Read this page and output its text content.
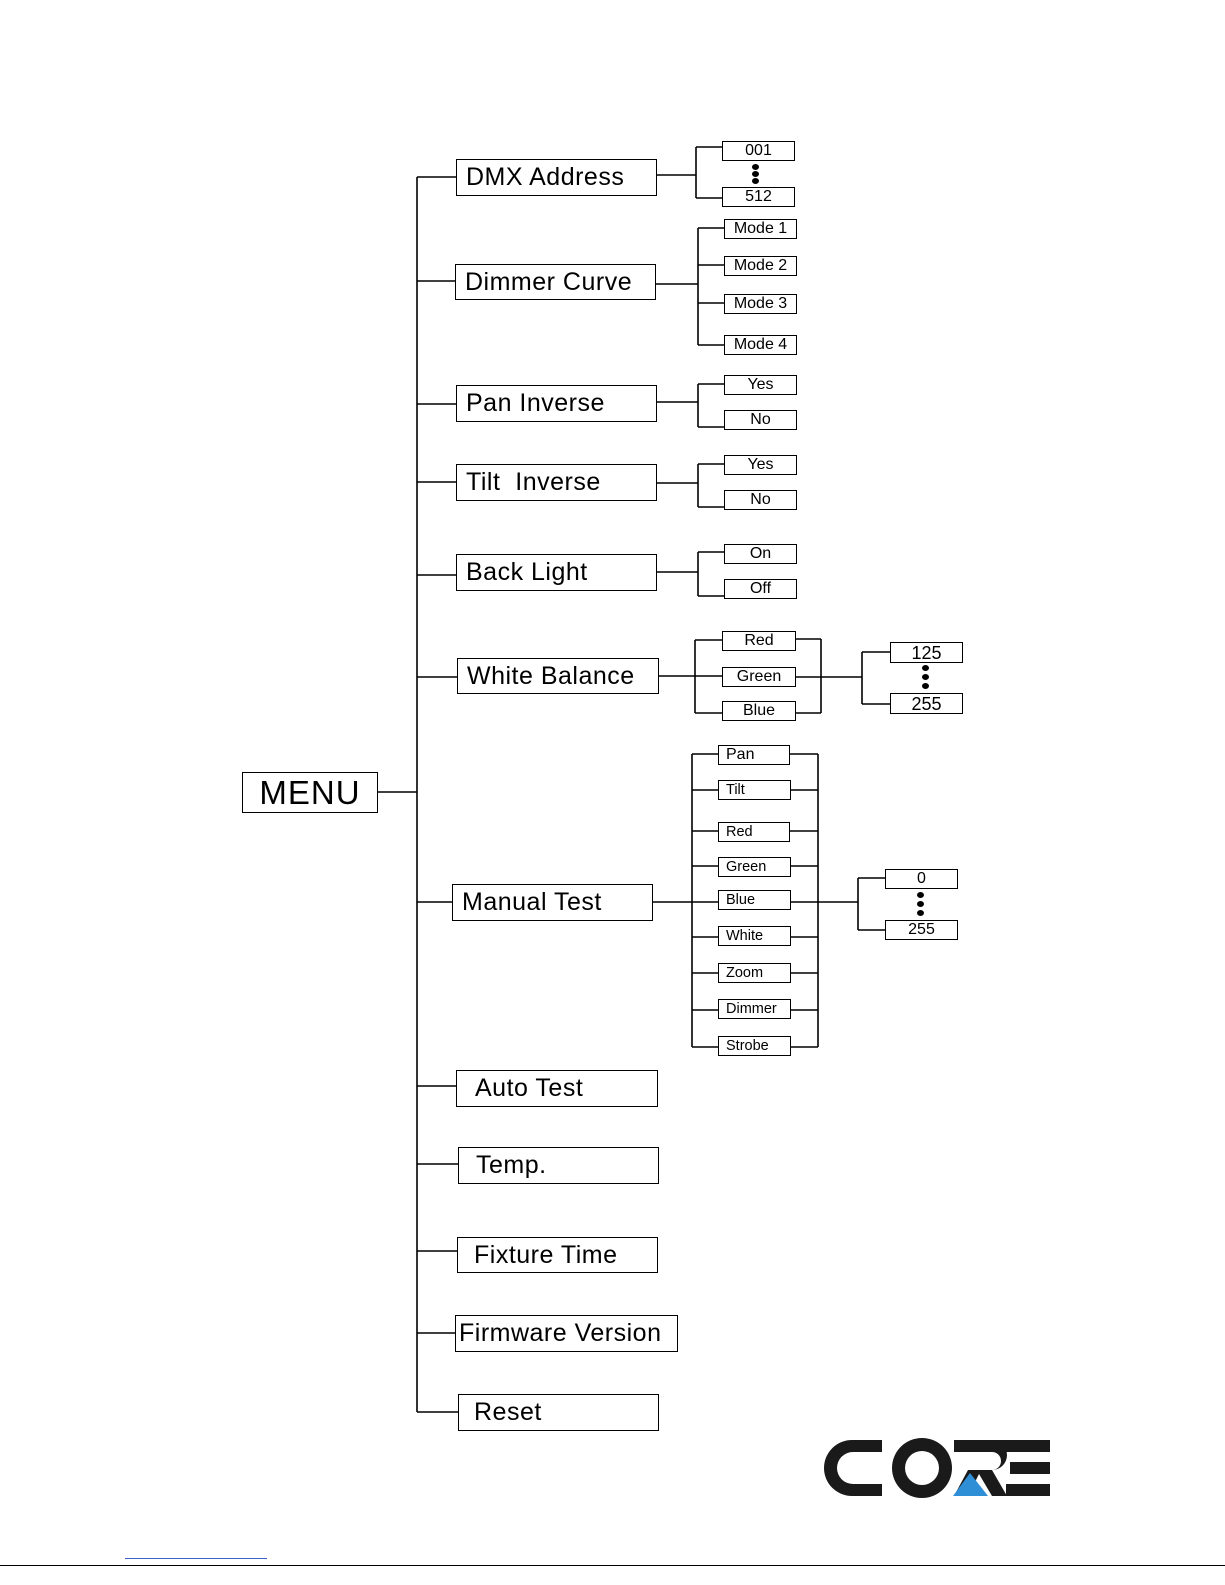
MENU
DMX Address
Dimmer Curve
Pan Inverse
Tilt  Inverse
Back Light
White Balance
Manual Test
Auto Test
Temp.
Fixture Time
Firmware Version
Reset
001
512
Mode 1
Mode 2
Mode 3
Mode 4
Yes
No
Yes
No
On
Off
Red
Green
Blue
125
255
Pan
Tilt
Red
Green
Blue
White
Zoom
Dimmer
Strobe
0
255
